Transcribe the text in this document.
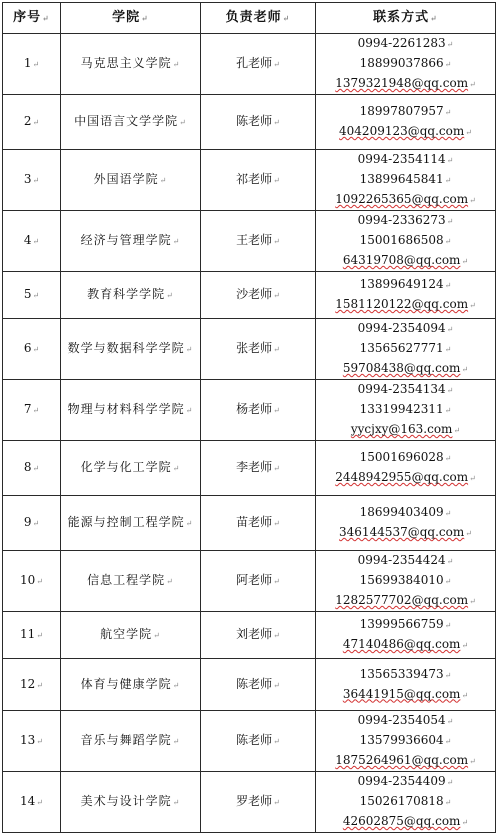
序号↵	学院↵	负责老师↵	联系方式↵
1↵	马克思主义学院↵	孔老师↵	0994-2261283↵
18899037866↵
1379321948@qq.com↵

2↵	中国语言文学学院↵	陈老师↵	18997807957↵
404209123@qq.com↵

3↵	外国语学院↵	祁老师↵	0994-2354114↵
13899645841↵
1092265365@qq.com↵

4↵	经济与管理学院↵	王老师↵	0994-2336273↵
15001686508↵
64319708@qq.com↵

5↵	教育科学学院↵	沙老师↵	13899649124↵
1581120122@qq.com↵

6↵	数学与数据科学学院↵	张老师↵	0994-2354094↵
13565627771↵
59708438@qq.com↵

7↵	物理与材料科学学院↵	杨老师↵	0994-2354134↵
13319942311↵
yycjxy@163.com↵

8↵	化学与化工学院↵	李老师↵	15001696028↵
2448942955@qq.com↵

9↵	能源与控制工程学院↵	苗老师↵	18699403409↵
346144537@qq.com↵

10↵	信息工程学院↵	阿老师↵	0994-2354424↵
15699384010↵
1282577702@qq.com↵

11↵	航空学院↵	刘老师↵	13999566759↵
47140486@qq.com↵

12↵	体育与健康学院↵	陈老师↵	13565339473↵
36441915@qq.com↵

13↵	音乐与舞蹈学院↵	陈老师↵	0994-2354054↵
13579936604↵
1875264961@qq.com↵

14↵	美术与设计学院↵	罗老师↵	0994-2354409↵
15026170818↵
42602875@qq.com↵
